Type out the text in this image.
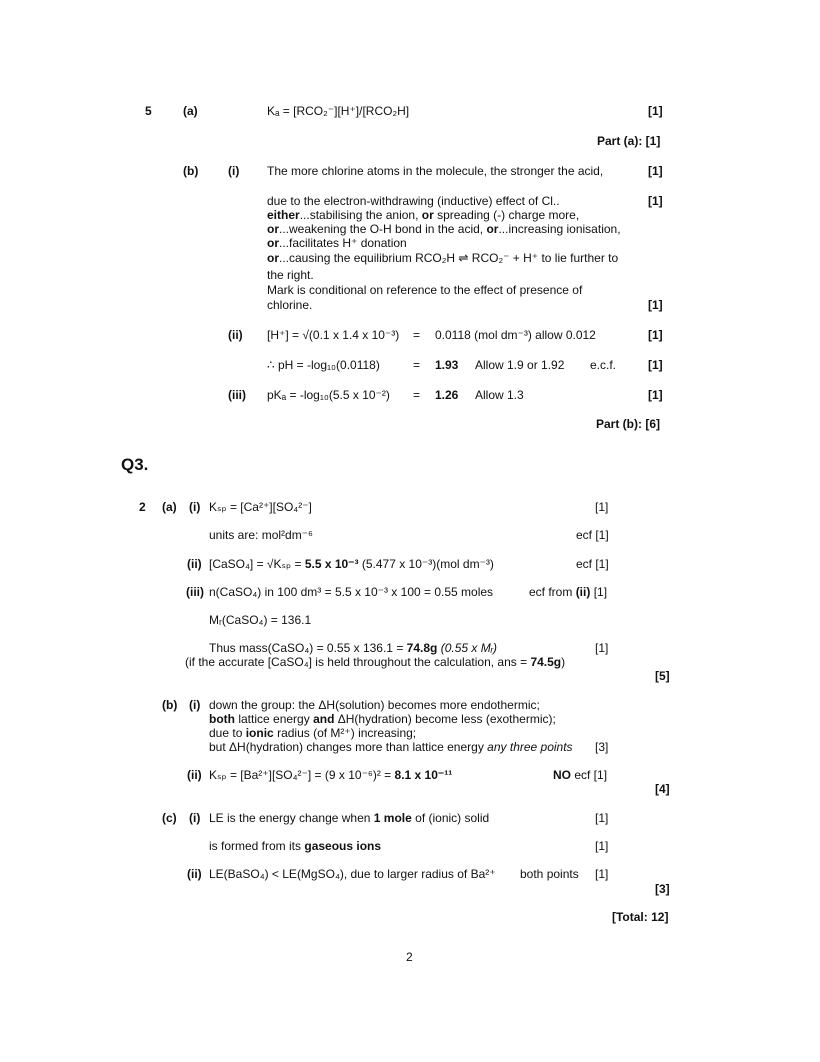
5	(a)	Kₐ = [RCO₂⁻][H⁺]/[RCO₂H]	[1]
Part (a): [1]
(b) (i) The more chlorine atoms in the molecule, the stronger the acid,	[1]
due to the electron-withdrawing (inductive) effect of Cl..	[1]
either...stabilising the anion, or spreading (-) charge more,
or...weakening the O-H bond in the acid, or...increasing ionisation,
or...facilitates H⁺ donation
or...causing the equilibrium RCO₂H ⇌ RCO₂⁻ + H⁺ to lie further to
the right.
Mark is conditional on reference to the effect of presence of
chlorine.	[1]
(ii) [H⁺] = √(0.1 x 1.4 x 10⁻³) = 0.0118 (mol dm⁻³) allow 0.012	[1]
∴ pH = -log₁₀(0.0118)	= 1.93 Allow 1.9 or 1.92 e.c.f.	[1]
(iii) pKₐ = -log₁₀(5.5 x 10⁻²) = 1.26 Allow 1.3	[1]
Part (b): [6]
Q3.
2 (a) (i) Kₛₚ = [Ca²⁺][SO₄²⁻]	[1]
units are: mol²dm⁻⁶	ecf [1]
(ii) [CaSO₄] = √Kₛₚ = 5.5 x 10⁻³ (5.477 x 10⁻³)(mol dm⁻³)	ecf [1]
(iii) n(CaSO₄) in 100 dm³ = 5.5 x 10⁻³ x 100 = 0.55 moles	ecf from (ii) [1]
Mᵣ(CaSO₄) = 136.1
Thus mass(CaSO₄) = 0.55 x 136.1 = 74.8g (0.55 x Mᵣ)	[1]
(if the accurate [CaSO₄] is held throughout the calculation, ans = 74.5g)
[5]
(b) (i) down the group: the ΔH(solution) becomes more endothermic;
both lattice energy and ΔH(hydration) become less (exothermic);
due to ionic radius (of M²⁺) increasing;
but ΔH(hydration) changes more than lattice energy any three points [3]
(ii) Kₛₚ = [Ba²⁺][SO₄²⁻] = (9 x 10⁻⁶)² = 8.1 x 10⁻¹¹	NO ecf [1]
[4]
(c) (i) LE is the energy change when 1 mole of (ionic) solid	[1]
is formed from its gaseous ions	[1]
(ii) LE(BaSO₄) < LE(MgSO₄), due to larger radius of Ba²⁺ both points [1]
[3]
[Total: 12]
2
